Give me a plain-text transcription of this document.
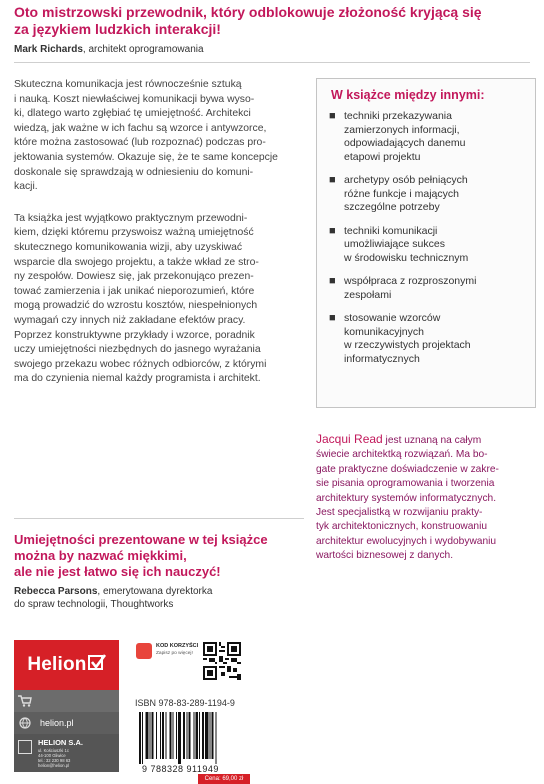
Oto mistrzowski przewodnik, który odblokowuje złożoność kryjącą się
za językiem ludzkich interakcji!
Mark Richards, architekt oprogramowania
Skuteczna komunikacja jest równocześnie sztuką
i nauką. Koszt niewłaściwej komunikacji bywa wyso-
ki, dlatego warto zgłębiać tę umiejętność. Architekci
wiedzą, jak ważne w ich fachu są wzorce i antywzorce,
które można zastosować (lub rozpoznać) podczas pro-
jektowania systemów. Okazuje się, że te same koncepcje
doskonale się sprawdzają w odniesieniu do komuni-
kacji.
Ta książka jest wyjątkowo praktycznym przewodni-
kiem, dzięki któremu przyswoisz ważną umiejętność
skutecznego komunikowania wizji, aby uzyskiwać
wsparcie dla swojego projektu, a także wkład ze stro-
ny zespołów. Dowiesz się, jak przekonująco prezen-
tować zamierzenia i jak unikać nieporozumień, które
mogą prowadzić do wzrostu kosztów, niespełnionych
wymagań czy innych niż zakładane efektów pracy.
Poprzez konstruktywne przykłady i wzorce, poradnik
uczy umiejętności niezbędnych do jasnego wyrażania
swojego przekazu wobec różnych odbiorców, z którymi
ma do czynienia niemal każdy programista i architekt.
W książce między innymi:
■ techniki przekazywania
zamierzonych informacji,
odpowiadających danemu
etapowi projektu
■ archetypy osób pełniących
różne funkcje i mających
szczególne potrzeby
■ techniki komunikacji
umożliwiające sukces
w środowisku technicznym
■ współpraca z rozproszonymi
zespołami
■ stosowanie wzorców
komunikacyjnych
w rzeczywistych projektach
informatycznych
Jacqui Read jest uznaną na całym
świecie architektką rozwiązań. Ma bo-
gate praktyczne doświadczenie w zakre-
sie pisania oprogramowania i tworzenia
architektury systemów informatycznych.
Jest specjalistką w rozwijaniu prakty-
tyk architektonicznych, konstruowaniu
architektur ewolucyjnych i wydobywaniu
wartości biznesowej z danych.
Umiejętności prezentowane w tej książce
można by nazwać miękkimi,
ale nie jest łatwo się ich nauczyć!
Rebecca Parsons, emerytowana dyrektorka
do spraw technologii, Thoughtworks
Helion
helion.pl
HELION S.A.
ul. Kościuszki 1c
44-100 Gliwice
tel.: 32 230 98 63
helion@helion.pl
KOD KORZYŚCI
Zapisz po więcej!
ISBN 978-83-289-1194-9
9 788328 911949
Cena: 69,00 zł
